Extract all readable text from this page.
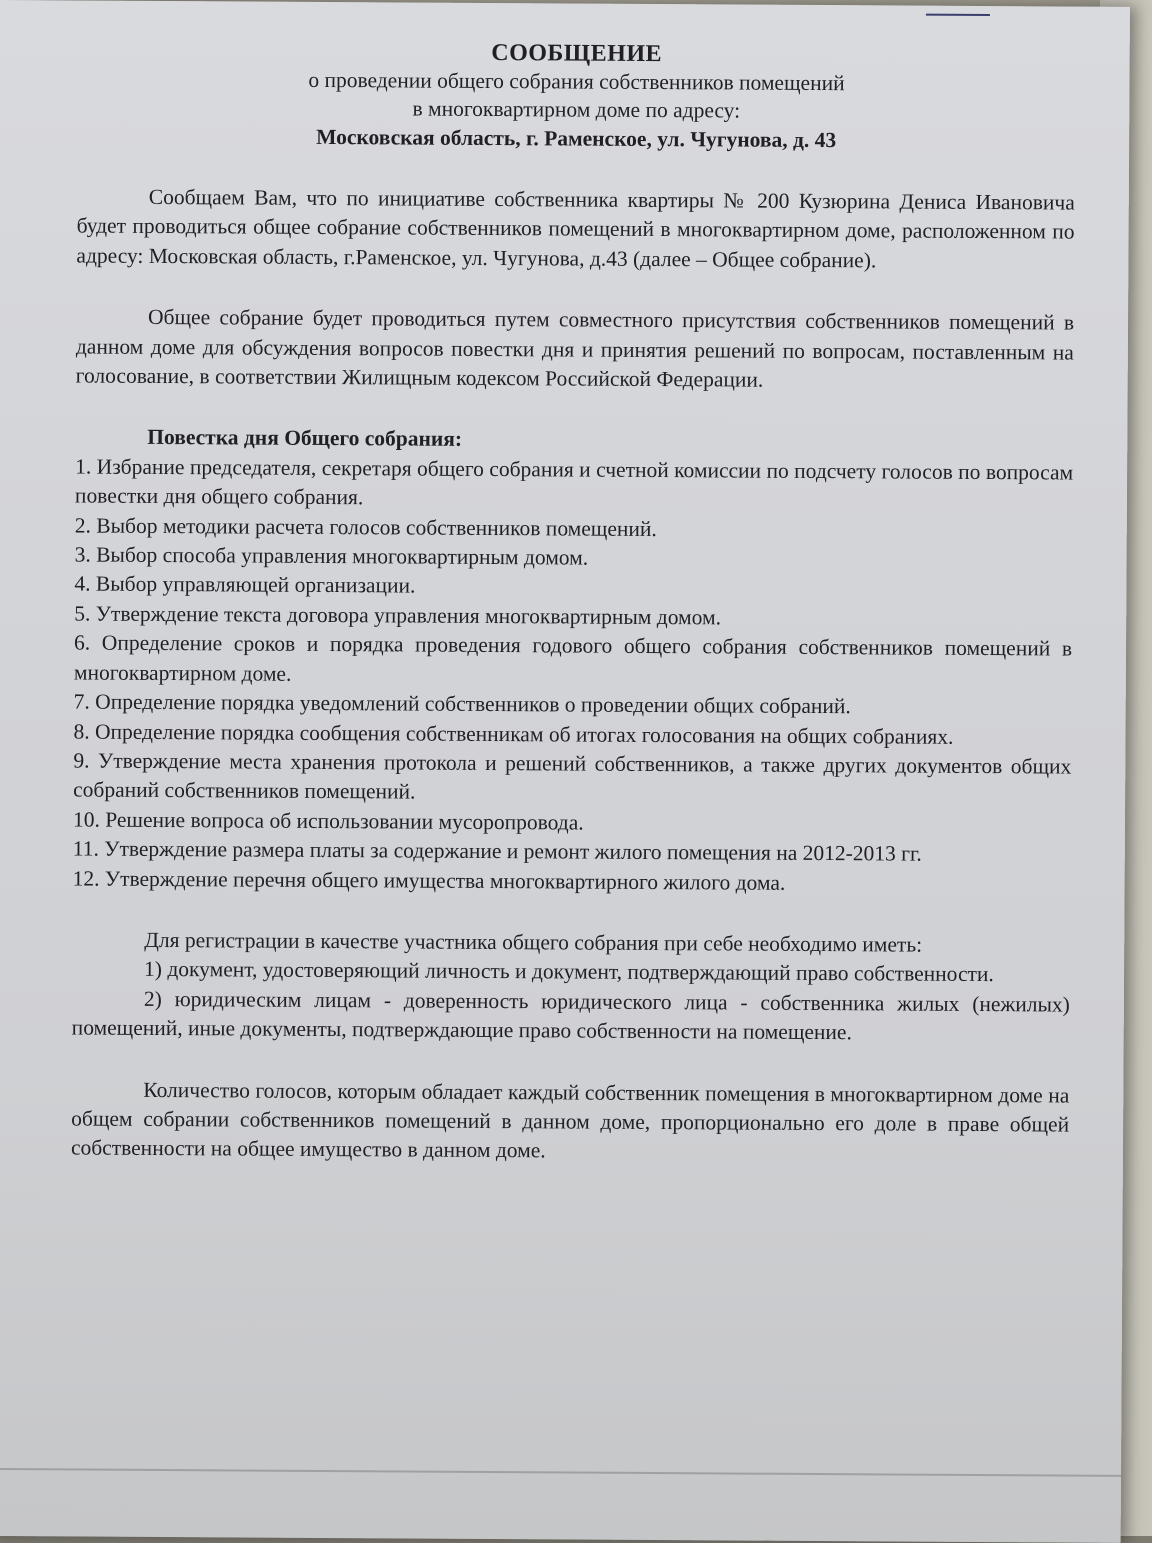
СООБЩЕНИЕ
о проведении общего собрания собственников помещений
в многоквартирном доме по адресу:
Московская область, г. Раменское, ул. Чугунова, д. 43

Сообщаем Вам, что по инициативе собственника квартиры № 200 Кузюрина Дениса Ивановича будет проводиться общее собрание собственников помещений в многоквартирном доме, расположенном по адресу: Московская область, г.Раменское, ул. Чугунова, д.43 (далее – Общее собрание).

Общее собрание будет проводиться путем совместного присутствия собственников помещений в данном доме для обсуждения вопросов повестки дня и принятия решений по вопросам, поставленным на голосование, в соответствии Жилищным кодексом Российской Федерации.

Повестка дня Общего собрания:
1. Избрание председателя, секретаря общего собрания и счетной комиссии по подсчету голосов по вопросам повестки дня общего собрания.
2. Выбор методики расчета голосов собственников помещений.
3. Выбор способа управления многоквартирным домом.
4. Выбор управляющей организации.
5. Утверждение текста договора управления многоквартирным домом.
6. Определение сроков и порядка проведения годового общего собрания собственников помещений в многоквартирном доме.
7. Определение порядка уведомлений собственников о проведении общих собраний.
8. Определение порядка сообщения собственникам об итогах голосования на общих собраниях.
9. Утверждение места хранения протокола и решений собственников, а также других документов общих собраний собственников помещений.
10. Решение вопроса об использовании мусоропровода.
11. Утверждение размера платы за содержание и ремонт жилого помещения на 2012-2013 гг.
12. Утверждение перечня общего имущества многоквартирного жилого дома.

Для регистрации в качестве участника общего собрания при себе необходимо иметь:

1) документ, удостоверяющий личность и документ, подтверждающий право собственности.

2) юридическим лицам - доверенность юридического лица - собственника жилых (нежилых) помещений, иные документы, подтверждающие право собственности на помещение.

Количество голосов, которым обладает каждый собственник помещения в многоквартирном доме на общем собрании собственников помещений в данном доме, пропорционально его доле в праве общей собственности на общее имущество в данном доме.
